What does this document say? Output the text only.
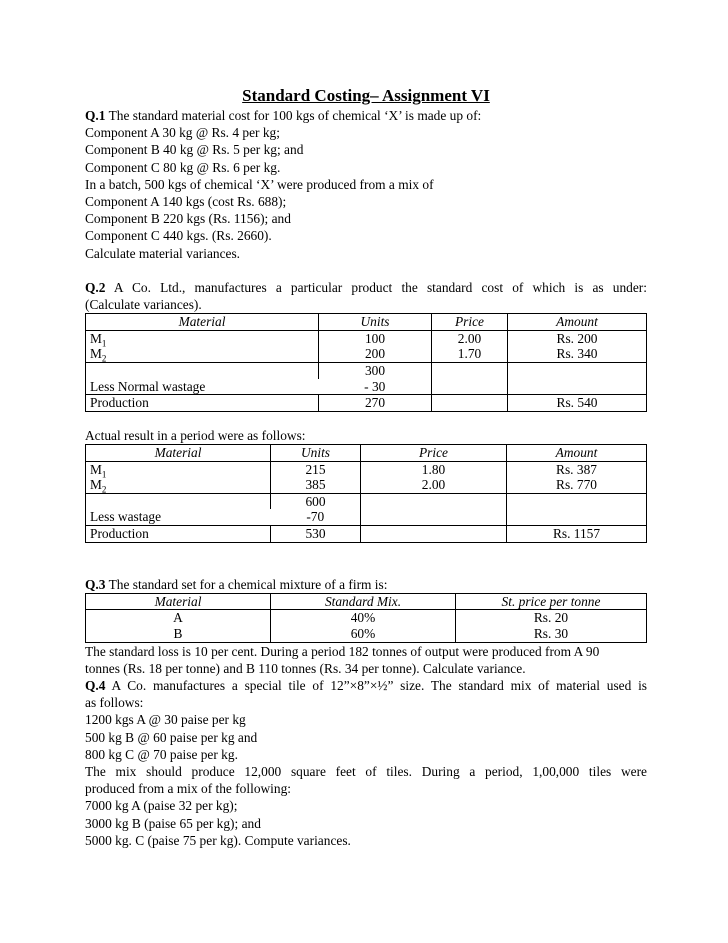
Standard Costing– Assignment VI
Q.1 The standard material cost for 100 kgs of chemical ‘X’ is made up of:
Component A 30 kg @ Rs. 4 per kg;
Component B 40 kg @ Rs. 5 per kg; and
Component C 80 kg @ Rs. 6 per kg.
In a batch, 500 kgs of chemical ‘X’ were produced from a mix of
Component A 140 kgs (cost Rs. 688);
Component B 220 kgs (Rs. 1156); and
Component C 440 kgs. (Rs. 2660).
Calculate material variances.
Q.2 A Co. Ltd., manufactures a particular product the standard cost of which is as under:
(Calculate variances).
Material	Units	Price	Amount
$M_1$	100	2.00	Rs. 200
$M_2$	200	1.70	Rs. 340
Less Normal wastage	300		
	- 30		
Production	270		Rs. 540
Actual result in a period were as follows:
Material	Units	Price	Amount
$M_1$	215	1.80	Rs. 387
$M_2$	385	2.00	Rs. 770
Less wastage	600		
	-70		
Production	530		Rs. 1157
Q.3 The standard set for a chemical mixture of a firm is:
Material	Standard Mix.	St. price per tonne
A	40%	Rs. 20
B	60%	Rs. 30
The standard loss is 10 per cent. During a period 182 tonnes of output were produced from A 90
tonnes (Rs. 18 per tonne) and B 110 tonnes (Rs. 34 per tonne). Calculate variance.
Q.4 A Co. manufactures a special tile of 12”×8”×½” size. The standard mix of material used is
as follows:
1200 kgs A @ 30 paise per kg
500 kg B @ 60 paise per kg and
800 kg C @ 70 paise per kg.
The mix should produce 12,000 square feet of tiles. During a period, 1,00,000 tiles were
produced from a mix of the following:
7000 kg A (paise 32 per kg);
3000 kg B (paise 65 per kg); and
5000 kg. C (paise 75 per kg). Compute variances.
